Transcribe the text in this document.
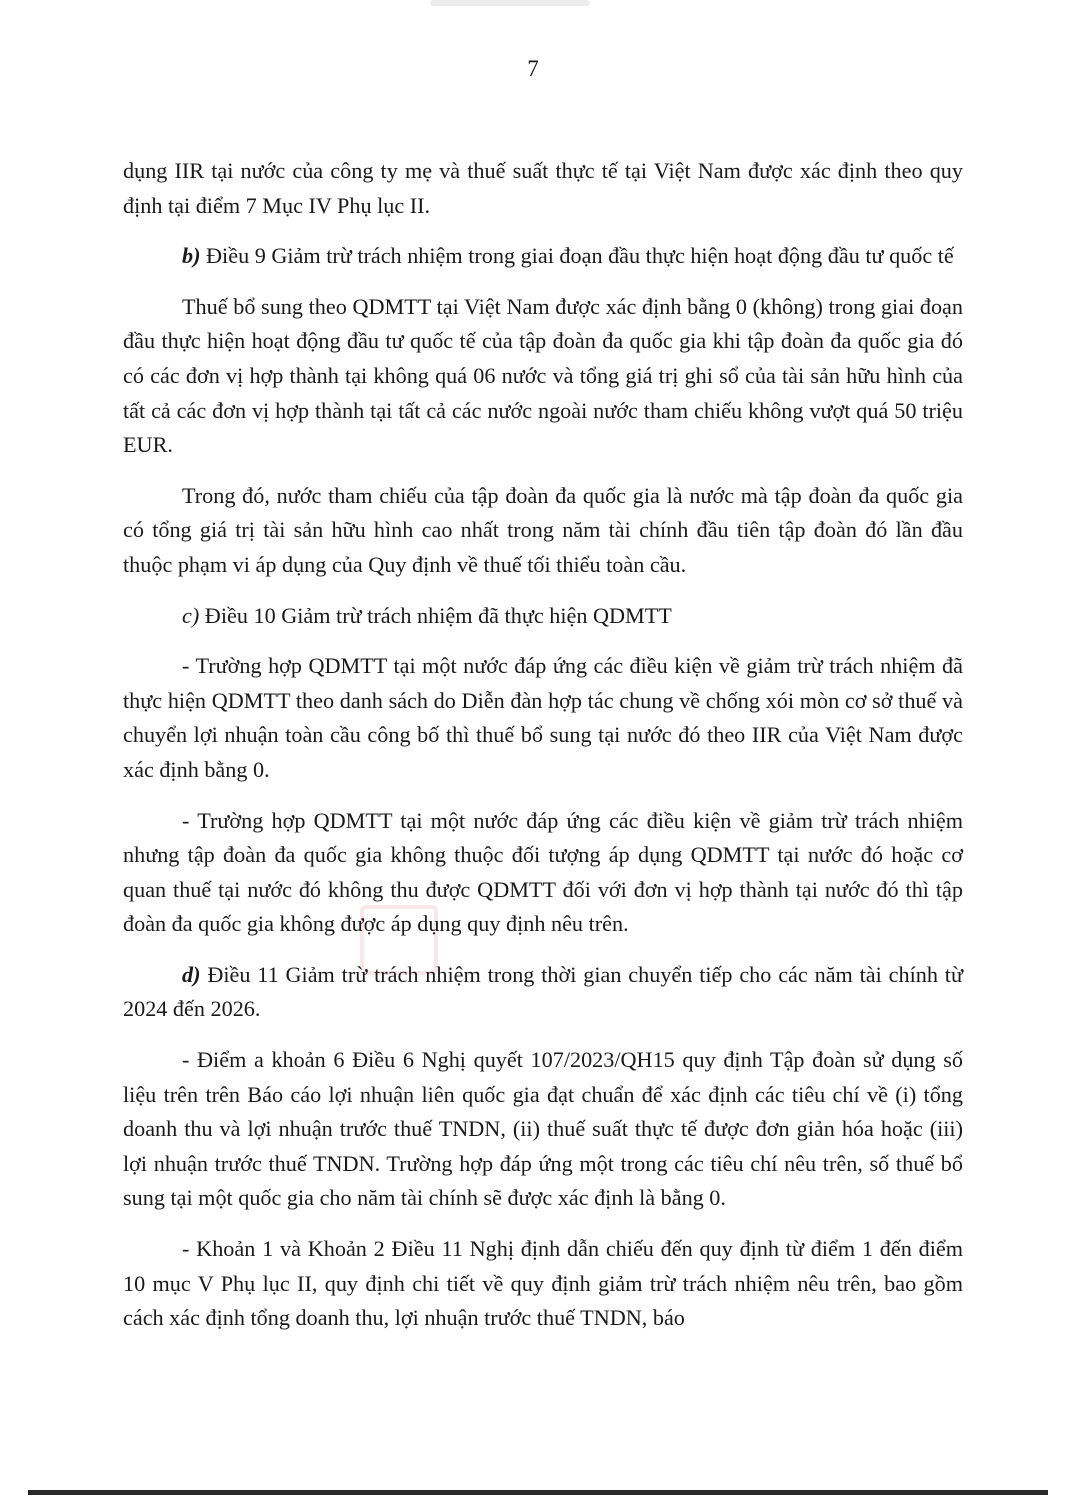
7

dụng IIR tại nước của công ty mẹ và thuế suất thực tế tại Việt Nam được xác định theo quy định tại điểm 7 Mục IV Phụ lục II.

b) Điều 9 Giảm trừ trách nhiệm trong giai đoạn đầu thực hiện hoạt động đầu tư quốc tế

Thuế bổ sung theo QDMTT tại Việt Nam được xác định bằng 0 (không) trong giai đoạn đầu thực hiện hoạt động đầu tư quốc tế của tập đoàn đa quốc gia khi tập đoàn đa quốc gia đó có các đơn vị hợp thành tại không quá 06 nước và tổng giá trị ghi sổ của tài sản hữu hình của tất cả các đơn vị hợp thành tại tất cả các nước ngoài nước tham chiếu không vượt quá 50 triệu EUR.

Trong đó, nước tham chiếu của tập đoàn đa quốc gia là nước mà tập đoàn đa quốc gia có tổng giá trị tài sản hữu hình cao nhất trong năm tài chính đầu tiên tập đoàn đó lần đầu thuộc phạm vi áp dụng của Quy định về thuế tối thiểu toàn cầu.

c) Điều 10 Giảm trừ trách nhiệm đã thực hiện QDMTT

- Trường hợp QDMTT tại một nước đáp ứng các điều kiện về giảm trừ trách nhiệm đã thực hiện QDMTT theo danh sách do Diễn đàn hợp tác chung về chống xói mòn cơ sở thuế và chuyển lợi nhuận toàn cầu công bố thì thuế bổ sung tại nước đó theo IIR của Việt Nam được xác định bằng 0.

- Trường hợp QDMTT tại một nước đáp ứng các điều kiện về giảm trừ trách nhiệm nhưng tập đoàn đa quốc gia không thuộc đối tượng áp dụng QDMTT tại nước đó hoặc cơ quan thuế tại nước đó không thu được QDMTT đối với đơn vị hợp thành tại nước đó thì tập đoàn đa quốc gia không được áp dụng quy định nêu trên.

d) Điều 11 Giảm trừ trách nhiệm trong thời gian chuyển tiếp cho các năm tài chính từ 2024 đến 2026.

- Điểm a khoản 6 Điều 6 Nghị quyết 107/2023/QH15 quy định Tập đoàn sử dụng số liệu trên trên Báo cáo lợi nhuận liên quốc gia đạt chuẩn để xác định các tiêu chí về (i) tổng doanh thu và lợi nhuận trước thuế TNDN, (ii) thuế suất thực tế được đơn giản hóa hoặc (iii) lợi nhuận trước thuế TNDN. Trường hợp đáp ứng một trong các tiêu chí nêu trên, số thuế bổ sung tại một quốc gia cho năm tài chính sẽ được xác định là bằng 0.

- Khoản 1 và Khoản 2 Điều 11 Nghị định dẫn chiếu đến quy định từ điểm 1 đến điểm 10 mục V Phụ lục II, quy định chi tiết về quy định giảm trừ trách nhiệm nêu trên, bao gồm cách xác định tổng doanh thu, lợi nhuận trước thuế TNDN, báo
